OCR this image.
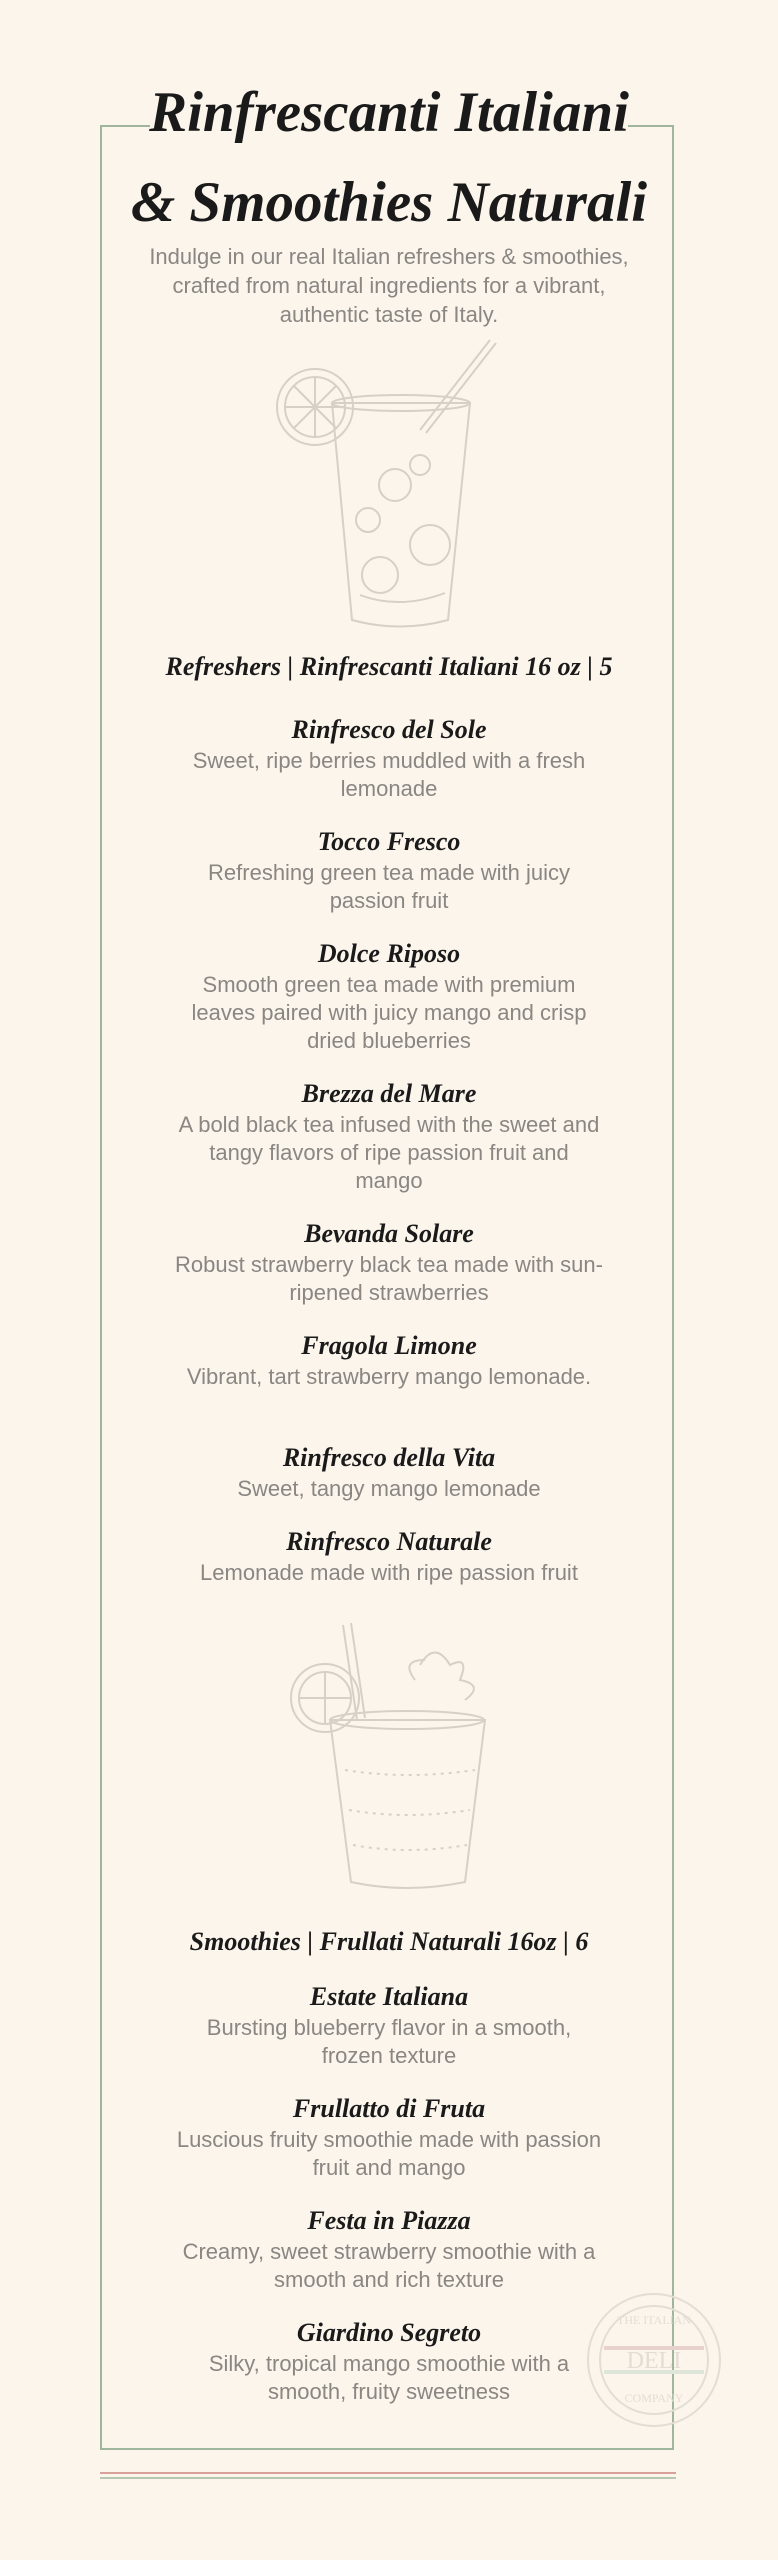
Rinfrescanti Italiani
& Smoothies Naturali

Indulge in our real Italian refreshers & smoothies, crafted from natural ingredients for a vibrant, authentic taste of Italy.

Refreshers | Rinfrescanti Italiani 16 oz | 5
Rinfresco del Sole
Sweet, ripe berries muddled with a fresh lemonade
Tocco Fresco
Refreshing green tea made with juicy passion fruit
Dolce Riposo
Smooth green tea made with premium leaves paired with juicy mango and crisp dried blueberries
Brezza del Mare
A bold black tea infused with the sweet and tangy flavors of ripe passion fruit and mango
Bevanda Solare
Robust strawberry black tea made with sun-ripened strawberries
Fragola Limone
Vibrant, tart strawberry mango lemonade.
Rinfresco della Vita
Sweet, tangy mango lemonade
Rinfresco Naturale
Lemonade made with ripe passion fruit
Smoothies | Frullati Naturali 16oz | 6
Estate Italiana
Bursting blueberry flavor in a smooth, frozen texture
Frullatto di Fruta
Luscious fruity smoothie made with passion fruit and mango
Festa in Piazza
Creamy, sweet strawberry smoothie with a smooth and rich texture
Giardino Segreto
Silky, tropical mango smoothie with a smooth, fruity sweetness
THE ITALIAN
DELI
COMPANY
